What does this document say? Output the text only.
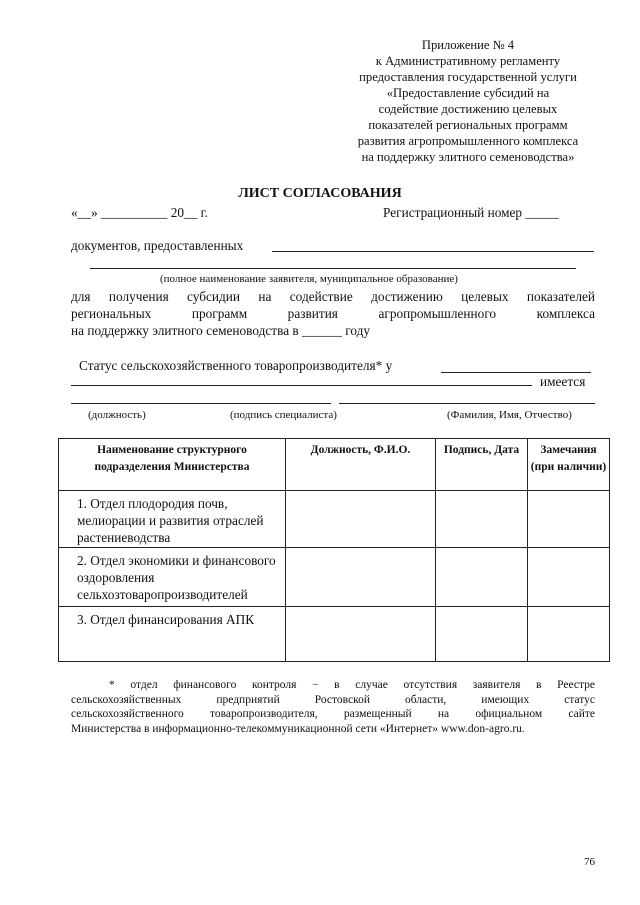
Приложение № 4
к Административному регламенту
предоставления государственной услуги
«Предоставление субсидий на
содействие достижению целевых
показателей региональных программ
развития агропромышленного комплекса
на поддержку элитного семеноводства»
ЛИСТ СОГЛАСОВАНИЯ
«__» __________ 20__ г.	Регистрационный номер _____
документов, предоставленных
(полное наименование заявителя, муниципальное образование)
для получения субсидии на содействие достижению целевых показателей
региональных программ развития агропромышленного комплекса
на поддержку элитного семеноводства в ______ году
Статус сельскохозяйственного товаропроизводителя* у
имеется
(должность)	(подпись специалиста)	(Фамилия, Имя, Отчество)
Наименование структурного подразделения Министерства	Должность, Ф.И.О.	Подпись, Дата	Замечания (при наличии)
1. Отдел плодородия почв, мелиорации и развития отраслей растениеводства			
2. Отдел экономики и финансового оздоровления сельхозтоваропроизводителей			
3. Отдел финансирования АПК			
* отдел финансового контроля − в случае отсутствия заявителя в Реестре
сельскохозяйственных предприятий Ростовской области, имеющих статус
сельскохозяйственного товаропроизводителя, размещенный на официальном сайте
Министерства в информационно-телекоммуникационной сети «Интернет» www.don-agro.ru.
76
